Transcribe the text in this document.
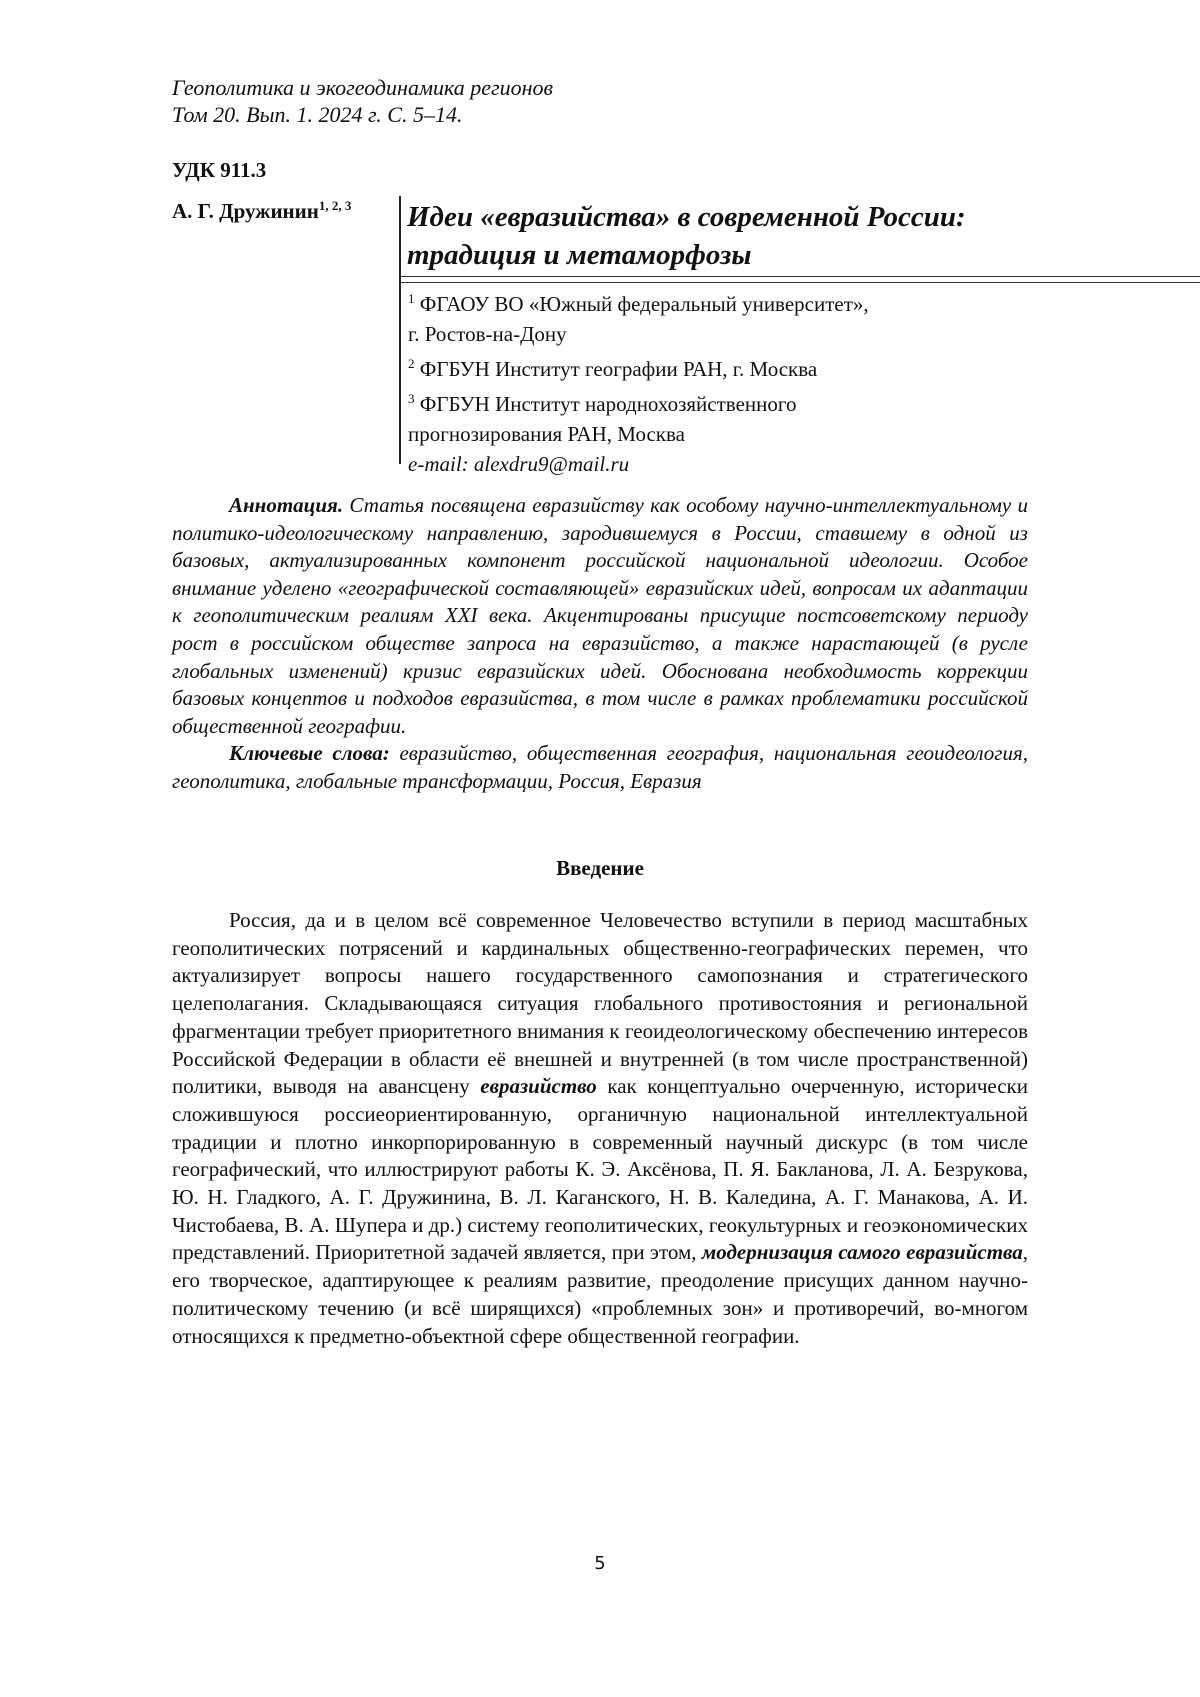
Геополитика и экогеодинамика регионов
Том 20. Вып. 1. 2024 г. С. 5–14.
УДК 911.3
А. Г. Дружинин$^{1, 2, 3}$ Идеи «евразийства» в современной России:
традиция и метаморфозы
$^1$ ФГАОУ ВО «Южный федеральный университет»,
г. Ростов-на-Дону
$^2$ ФГБУН Институт географии РАН, г. Москва
$^3$ ФГБУН Институт народнохозяйственного
прогнозирования РАН, Москва
e-mail: alexdru9@mail.ru

Аннотация. Статья посвящена евразийству как особому научно-интеллектуальному и политико-идеологическому направлению, зародившемуся в России, ставшему в одной из базовых, актуализированных компонент российской национальной идеологии. Особое внимание уделено «географической составляющей» евразийских идей, вопросам их адаптации к геополитическим реалиям XXI века. Акцентированы присущие постсоветскому периоду рост в российском обществе запроса на евразийство, а также нарастающей (в русле глобальных изменений) кризис евразийских идей. Обоснована необходимость коррекции базовых концептов и подходов евразийства, в том числе в рамках проблематики российской общественной географии.

Ключевые слова: евразийство, общественная география, национальная геоидеология, геополитика, глобальные трансформации, Россия, Евразия

Введение

Россия, да и в целом всё современное Человечество вступили в период масштабных геополитических потрясений и кардинальных общественно-географических перемен, что актуализирует вопросы нашего государственного самопознания и стратегического целеполагания. Складывающаяся ситуация глобального противостояния и региональной фрагментации требует приоритетного внимания к геоидеологическому обеспечению интересов Российской Федерации в области её внешней и внутренней (в том числе пространственной) политики, выводя на авансцену евразийство как концептуально очерченную, исторически сложившуюся россиеориентированную, органичную национальной интеллектуальной традиции и плотно инкорпорированную в современный научный дискурс (в том числе географический, что иллюстрируют работы К. Э. Аксёнова, П. Я. Бакланова, Л. А. Безрукова, Ю. Н. Гладкого, А. Г. Дружинина, В. Л. Каганского, Н. В. Каледина, А. Г. Манакова, А. И. Чистобаева, В. А. Шупера и др.) систему геополитических, геокультурных и геоэкономических представлений. Приоритетной задачей является, при этом, модернизация самого евразийства, его творческое, адаптирующее к реалиям развитие, преодоление присущих данном научно-политическому течению (и всё ширящихся) «проблемных зон» и противоречий, во-многом относящихся к предметно-объектной сфере общественной географии.

5
